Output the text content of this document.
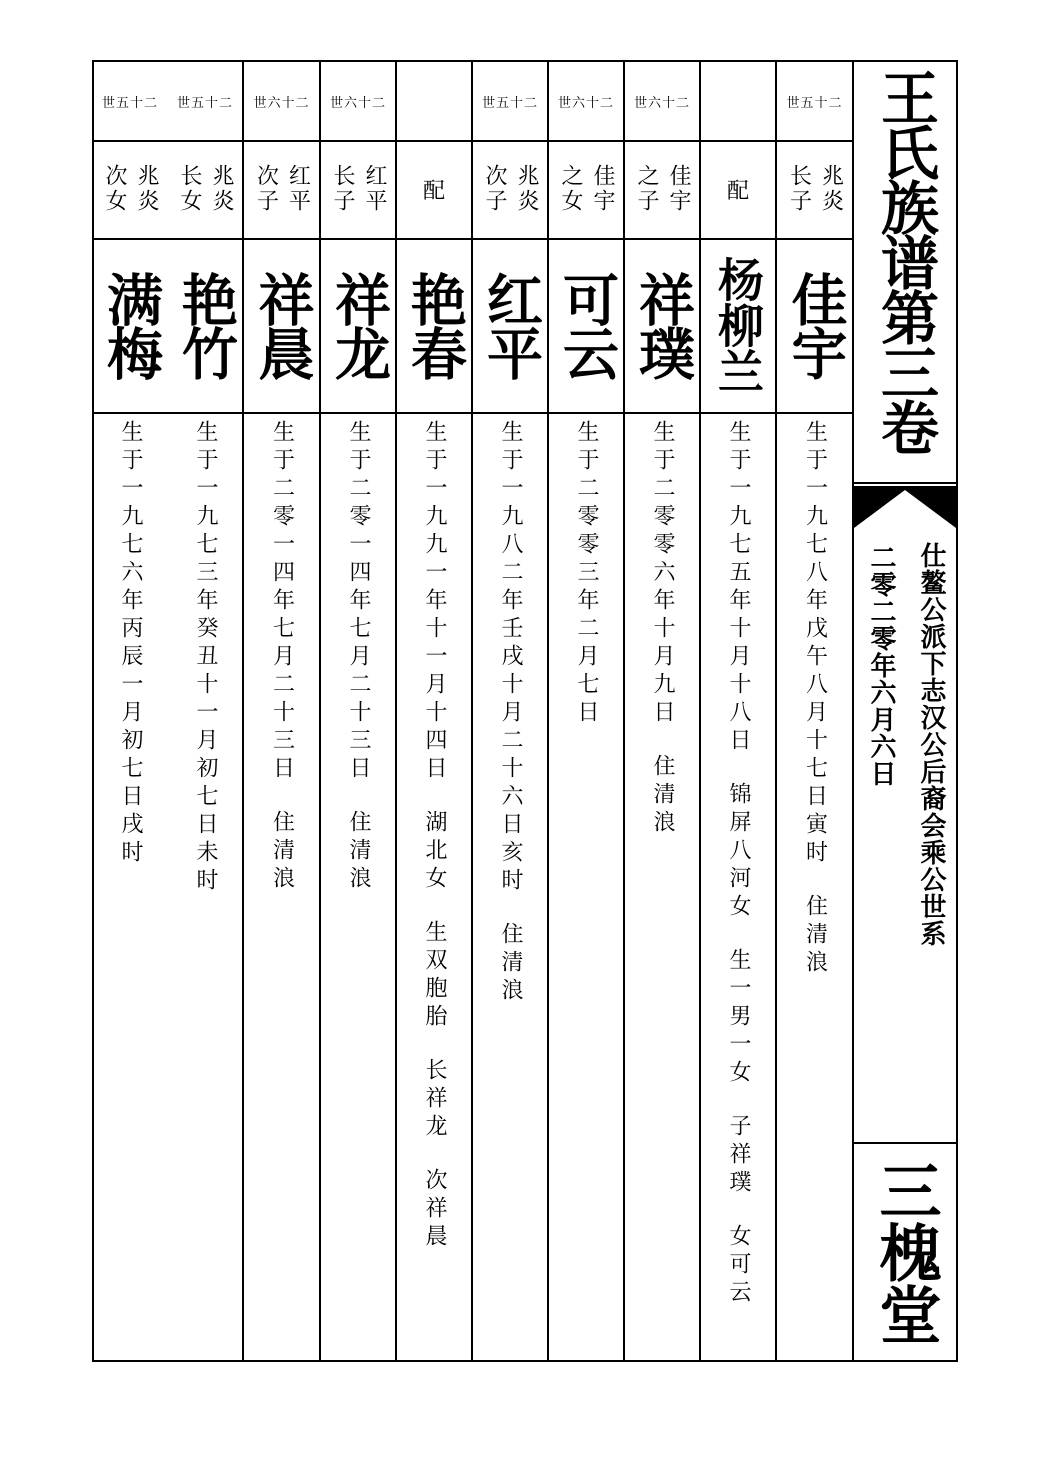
王氏族谱第三卷
仕鳌公派下志汉公后裔会乘公世系
二零二零年六月六日
三槐堂
世五十二
兆炎
长子
佳宇
生于一九七八年戊午八月十七日寅时  住清浪
配
杨柳兰
生于一九七五年十月十八日  锦屏八河女  生一男一女  子祥璞  女可云
世六十二
佳宇
之子
祥璞
生于二零零六年十月九日  住清浪
世六十二
佳宇
之女
可云
生于二零零三年二月七日
世五十二
兆炎
次子
红平
生于一九八二年壬戌十月二十六日亥时  住清浪
配
艳春
生于一九九一年十一月十四日  湖北女  生双胞胎  长祥龙  次祥晨
世六十二
红平
长子
祥龙
生于二零一四年七月二十三日  住清浪
世六十二
红平
次子
祥晨
生于二零一四年七月二十三日  住清浪
世五十二
兆炎
长女
艳竹
生于一九七三年癸丑十一月初七日未时
世五十二
兆炎
次女
满梅
生于一九七六年丙辰一月初七日戌时
